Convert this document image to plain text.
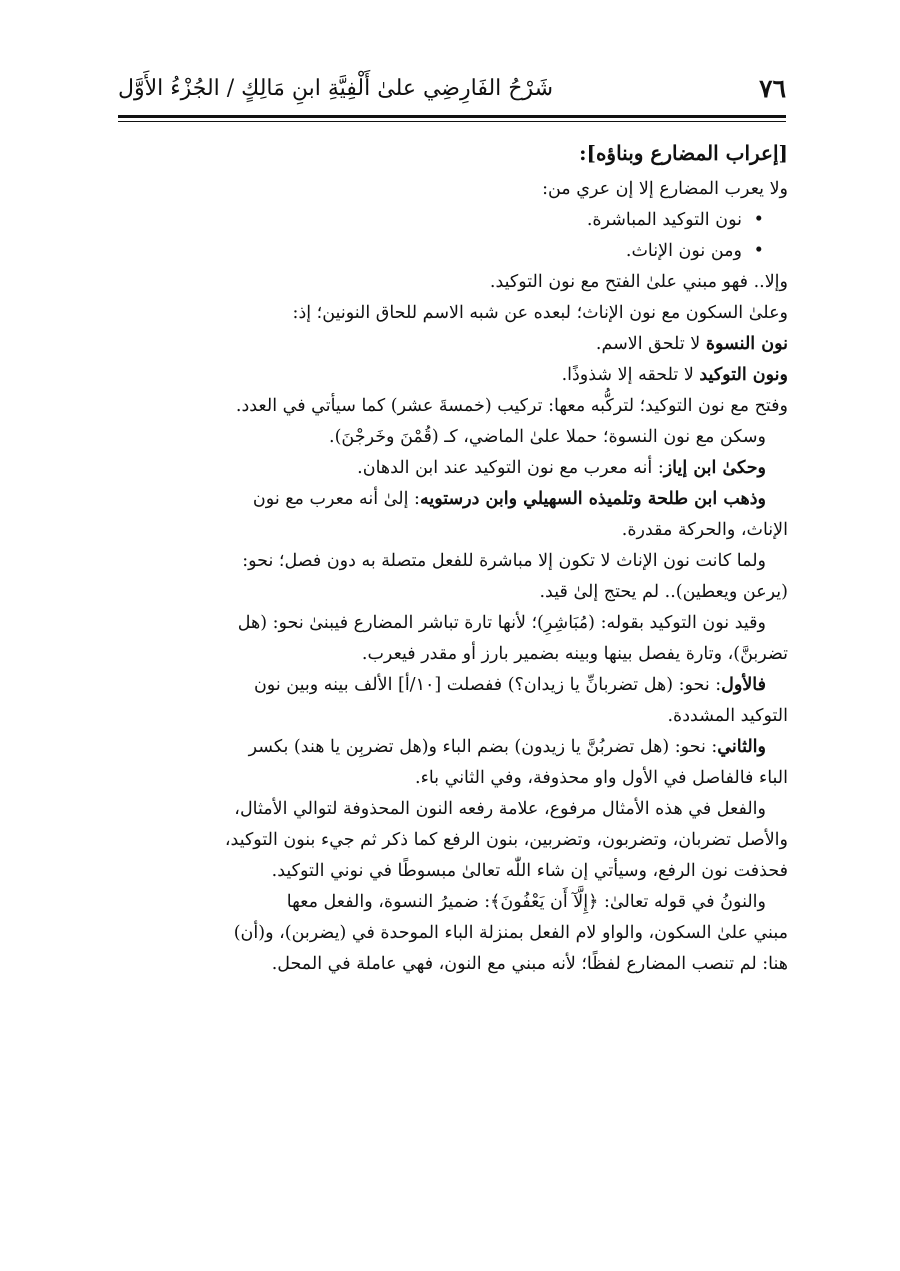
٧٦
شَرْحُ الفَارِضِي علىٰ أَلْفِيَّةِ ابنِ مَالِكٍ / الجُزْءُ الأَوَّل
[إعراب المضارع وبناؤه]:
ولا يعرب المضارع إلا إن عري من:
• نون التوكيد المباشرة.
• ومن نون الإناث.
وإلا.. فهو مبني علىٰ الفتح مع نون التوكيد.
وعلىٰ السكون مع نون الإناث؛ لبعده عن شبه الاسم للحاق النونين؛ إذ:
نون النسوة لا تلحق الاسم.
ونون التوكيد لا تلحقه إلا شذوذًا.
وفتح مع نون التوكيد؛ لتركُّبه معها: تركيب (خمسةَ عشر) كما سيأتي في العدد.
وسكن مع نون النسوة؛ حملا علىٰ الماضي، كـ (قُمْنَ وخَرجْنَ).
وحكىٰ ابن إياز: أنه معرب مع نون التوكيد عند ابن الدهان.
وذهب ابن طلحة وتلميذه السهيلي وابن درستويه: إلىٰ أنه معرب مع نون
الإناث، والحركة مقدرة.
ولما كانت نون الإناث لا تكون إلا مباشرة للفعل متصلة به دون فصل؛ نحو:
(يرعن ويعطين).. لم يحتج إلىٰ قيد.
وقيد نون التوكيد بقوله: (مُبَاشِرِ)؛ لأنها تارة تباشر المضارع فيبنىٰ نحو: (هل
تضربنَّ)، وتارة يفصل بينها وبينه بضمير بارز أو مقدر فيعرب.
فالأول: نحو: (هل تضربانِّ يا زيدان؟) ففصلت [١٠/أ] الألف بينه وبين نون
التوكيد المشددة.
والثاني: نحو: (هل تضربُنَّ يا زيدون) بضم الباء و(هل تضربِن يا هند) بكسر
الباء فالفاصل في الأول واو محذوفة، وفي الثاني باء.
والفعل في هذه الأمثال مرفوع، علامة رفعه النون المحذوفة لتوالي الأمثال،
والأصل تضربان، وتضربون، وتضربين، بنون الرفع كما ذكر ثم جيء بنون التوكيد،
فحذفت نون الرفع، وسيأتي إن شاء اللّٰه تعالىٰ مبسوطًا في نوني التوكيد.
والنونُ في قوله تعالىٰ: ﴿إِلَّآ أَن يَعْفُونَ﴾: ضميرُ النسوة، والفعل معها
مبني علىٰ السكون، والواو لام الفعل بمنزلة الباء الموحدة في (يضربن)، و(أن)
هنا: لم تنصب المضارع لفظًا؛ لأنه مبني مع النون، فهي عاملة في المحل.
